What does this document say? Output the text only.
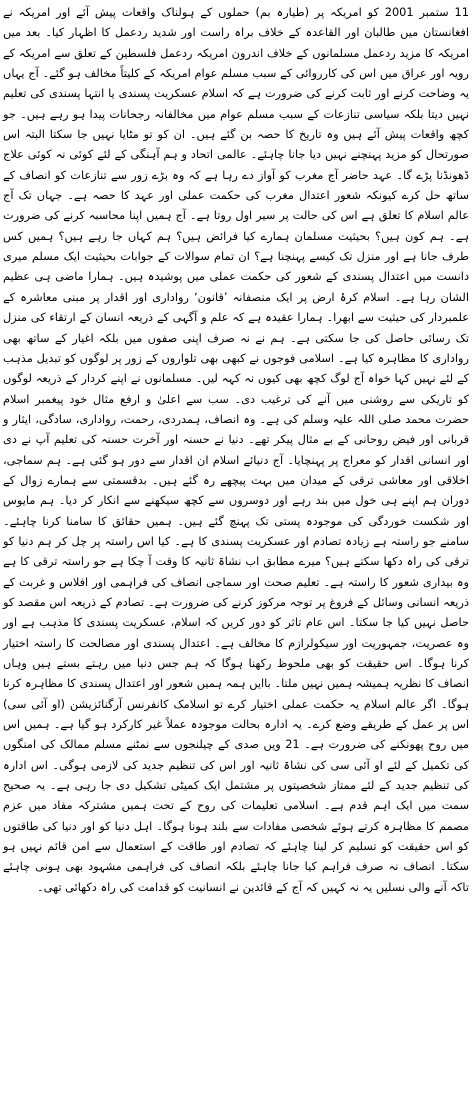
11 ستمبر 2001 کو امریکہ پر (طیارہ بم) حملوں کے ہولناک واقعات پیش آئے اور امریکہ نے افغانستان میں طالبان اور القاعدہ کے خلاف براہ راست اور شدید ردعمل کا اظہار کیا۔ بعد میں امریکہ کا مزید ردعمل مسلمانوں کے خلاف اندرون امریکہ ردعمل فلسطین کے تعلق سے امریکہ کے رویہ اور عراق میں اس کی کارروائی کے سبب مسلم عوام امریکہ کے کلیتاً مخالف ہو گئے۔ آج یہاں یہ وضاحت کرنے اور ثابت کرنے کی ضرورت ہے کہ اسلام عسکریت پسندی یا انتہا پسندی کی تعلیم نہیں دیتا بلکہ سیاسی تنازعات کے سبب مسلم عوام میں مخالفانہ رجحانات پیدا ہو رہے ہیں۔ جو کچھ واقعات پیش آئے ہیں وہ تاریخ کا حصہ بن گئے ہیں۔ ان کو تو مٹایا نہیں جا سکتا البتہ اس صورتحال کو مزید پہنچنے نہیں دیا جانا چاہئے۔ عالمی اتحاد و ہم آہنگی کے لئے کوئی نہ کوئی علاج ڈھونڈنا پڑے گا۔ عہد حاضر آج مغرب کو آواز دے رہا ہے کہ وہ بڑے زور سے تنازعات کو انصاف کے ساتھ حل کرے کیونکہ شعور اعتدال مغرب کی حکمت عملی اور عہد کا حصہ ہے۔ جہاں تک آج عالم اسلام کا تعلق ہے اس کی حالت پر سیر اول روتا ہے۔ آج ہمیں اپنا محاسبہ کرنے کی ضرورت ہے۔ ہم کون ہیں؟ بحیثیت مسلمان ہمارے کیا فرائض ہیں؟ ہم کہاں جا رہے ہیں؟ ہمیں کس طرف جانا ہے اور منزل تک کیسے پہنچنا ہے؟ ان تمام سوالات کے جوابات بحیثیت ایک مسلم میری دانست میں اعتدال پسندی کے شعور کی حکمت عملی میں پوشیدہ ہیں۔ ہمارا ماضی ہی عظیم الشان رہا ہے۔ اسلام کرۂ ارض پر ایک منصفانہ ’قانون‘ رواداری اور اقدار پر مبنی معاشرہ کے علمبردار کی حیثیت سے ابھرا۔ ہمارا عقیدہ ہے کہ علم و آگہی کے ذریعہ انسان کے ارتقاء کی منزل تک رسائی حاصل کی جا سکتی ہے۔ ہم نے نہ صرف اپنی صفوں میں بلکہ اغیار کے ساتھ بھی رواداری کا مظاہرہ کیا ہے۔ اسلامی فوجوں نے کبھی بھی تلواروں کے زور پر لوگوں کو تبدیل مذہب کے لئے نہیں کہا خواہ آج لوگ کچھ بھی کیوں نہ کہہ لیں۔ مسلمانوں نے اپنے کردار کے ذریعہ لوگوں کو تاریکی سے روشنی میں آنے کی ترغیب دی۔ سب سے اعلیٰ و ارفع مثال خود پیغمبر اسلام حضرت محمد صلی اللہ علیہ وسلم کی ہے۔ وہ انصاف، ہمدردی، رحمت، رواداری، سادگی، ایثار و قربانی اور فیض روحانی کے بے مثال پیکر تھے۔ دنیا نے حسنہ اور آخرت حسنہ کی تعلیم آپ نے دی اور انسانی اقدار کو معراج پر پہنچایا۔ آج دنیائے اسلام ان اقدار سے دور ہو گئی ہے۔ ہم سماجی، اخلاقی اور معاشی ترقی کے میدان میں بہت پیچھے رہ گئے ہیں۔ بدقسمتی سے ہمارے زوال کے دوران ہم اپنے ہی خول میں بند رہے اور دوسروں سے کچھ سیکھنے سے انکار کر دیا۔ ہم مایوس اور شکست خوردگی کی موجودہ پستی تک پہنچ گئے ہیں۔ ہمیں حقائق کا سامنا کرنا چاہئے۔ سامنے جو راستہ ہے زیادہ تصادم اور عسکریت پسندی کا ہے۔ کیا اس راستہ پر چل کر ہم دنیا کو ترقی کی راہ دکھا سکتے ہیں؟ میرے مطابق اب نشاۃ ثانیہ کا وقت آ چکا ہے جو راستہ ترقی کا ہے وہ بیداری شعور کا راستہ ہے۔ تعلیم صحت اور سماجی انصاف کی فراہمی اور افلاس و غربت کے ذریعہ انسانی وسائل کے فروغ پر توجہ مرکوز کرنے کی ضرورت ہے۔ تصادم کے ذریعہ اس مقصد کو حاصل نہیں کیا جا سکتا۔ اس عام تاثر کو دور کریں کہ اسلام، عسکریت پسندی کا مذہب ہے اور وہ عصریت، جمہوریت اور سیکولرازم کا مخالف ہے۔ اعتدال پسندی اور مصالحت کا راستہ اختیار کرنا ہوگا۔ اس حقیقت کو بھی ملحوظ رکھنا ہوگا کہ ہم جس دنیا میں رہتے بستے ہیں وہاں انصاف کا نظریہ ہمیشہ ہمیں نہیں ملتا۔ باایں ہمہ ہمیں شعور اور اعتدال پسندی کا مظاہرہ کرنا ہوگا۔ اگر عالم اسلام یہ حکمت عملی اختیار کرے تو اسلامک کانفرنس آرگنائزیشن (او آئی سی) اس پر عمل کے طریقے وضع کرے۔ یہ ادارہ بحالت موجودہ عملاً غیر کارکرد ہو گیا ہے۔ ہمیں اس میں روح پھونکنے کی ضرورت ہے۔ 21 ویں صدی کے چیلنجوں سے نمٹنے مسلم ممالک کی امنگوں کی تکمیل کے لئے او آئی سی کی نشاۃ ثانیہ اور اس کی تنظیم جدید کی لازمی ہوگی۔ اس ادارہ کی تنظیم جدید کے لئے ممتاز شخصیتوں پر مشتمل ایک کمیٹی تشکیل دی جا رہی ہے۔ یہ صحیح سمت میں ایک اہم قدم ہے۔ اسلامی تعلیمات کی روح کے تحت ہمیں مشترکہ مفاد میں عزم مصمم کا مظاہرہ کرتے ہوئے شخصی مفادات سے بلند ہونا ہوگا۔ اہل دنیا کو اور دنیا کی طاقتوں کو اس حقیقت کو تسلیم کر لینا چاہئے کہ تصادم اور طاقت کے استعمال سے امن قائم نہیں ہو سکتا۔ انصاف نہ صرف فراہم کیا جانا چاہئے بلکہ انصاف کی فراہمی مشہود بھی ہونی چاہئے تاکہ آنے والی نسلیں یہ نہ کہیں کہ آج کے قائدین نے انسانیت کو قدامت کی راہ دکھائی تھی۔
